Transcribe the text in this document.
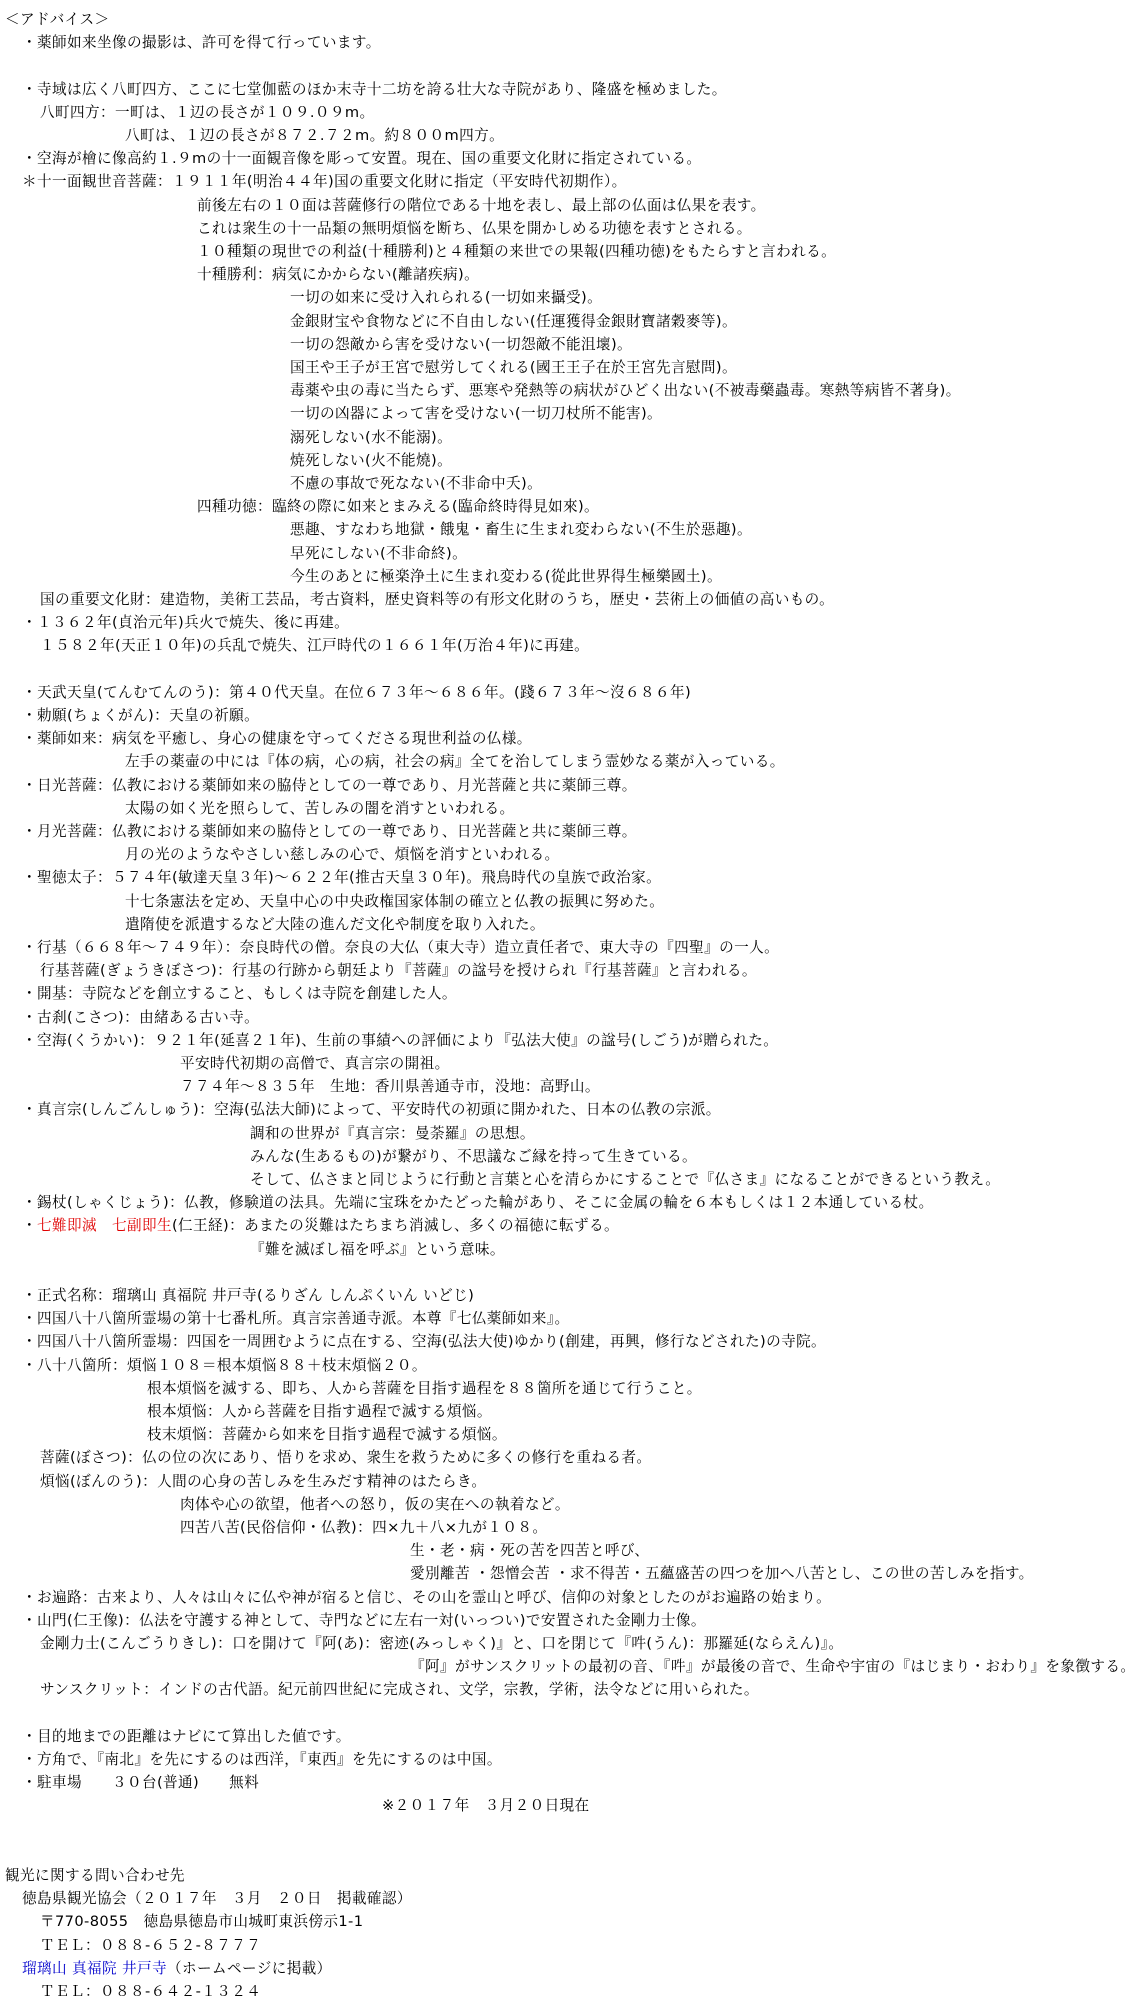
＜アドバイス＞
・薬師如来坐像の撮影は、許可を得て行っています。
・寺域は広く八町四方、ここに七堂伽藍のほか末寺十二坊を誇る壮大な寺院があり、隆盛を極めました。
八町四方：一町は、１辺の長さが１０９.０９m。
八町は、１辺の長さが８７２.７２m。約８００m四方。
・空海が檜に像高約１.９mの十一面観音像を彫って安置。現在、国の重要文化財に指定されている。
＊十一面観世音菩薩：１９１１年(明治４４年)国の重要文化財に指定（平安時代初期作）。
前後左右の１０面は菩薩修行の階位である十地を表し、最上部の仏面は仏果を表す。
これは衆生の十一品類の無明煩悩を断ち、仏果を開かしめる功徳を表すとされる。
１０種類の現世での利益(十種勝利)と４種類の来世での果報(四種功徳)をもたらすと言われる。
十種勝利：病気にかからない(離諸疾病)。
一切の如来に受け入れられる(一切如来攝受)。
金銀財宝や食物などに不自由しない(任運獲得金銀財寶諸穀麥等)。
一切の怨敵から害を受けない(一切怨敵不能沮壞)。
国王や王子が王宮で慰労してくれる(國王王子在於王宮先言慰問)。
毒薬や虫の毒に当たらず、悪寒や発熱等の病状がひどく出ない(不被毒藥蟲毒。寒熱等病皆不著身)。
一切の凶器によって害を受けない(一切刀杖所不能害)。
溺死しない(水不能溺)。
焼死しない(火不能燒)。
不慮の事故で死なない(不非命中夭)。
四種功徳：臨終の際に如来とまみえる(臨命終時得見如來)。
悪趣、すなわち地獄・餓鬼・畜生に生まれ変わらない(不生於惡趣)。
早死にしない(不非命終)。
今生のあとに極楽浄土に生まれ変わる(從此世界得生極樂國土)。
国の重要文化財：建造物，美術工芸品，考古資料，歴史資料等の有形文化財のうち，歴史・芸術上の価値の高いもの。
・１３６２年(貞治元年)兵火で焼失、後に再建。
１５８２年(天正１０年)の兵乱で焼失、江戸時代の１６６１年(万治４年)に再建。
・天武天皇(てんむてんのう)：第４０代天皇。在位６７３年～６８６年。(踐６７３年～沒６８６年)
・勅願(ちょくがん)：天皇の祈願。
・薬師如来：病気を平癒し、身心の健康を守ってくださる現世利益の仏様。
左手の薬壷の中には『体の病，心の病，社会の病』全てを治してしまう霊妙なる薬が入っている。
・日光菩薩：仏教における薬師如来の脇侍としての一尊であり、月光菩薩と共に薬師三尊。
太陽の如く光を照らして、苦しみの闇を消すといわれる。
・月光菩薩：仏教における薬師如来の脇侍としての一尊であり、日光菩薩と共に薬師三尊。
月の光のようなやさしい慈しみの心で、煩悩を消すといわれる。
・聖徳太子：５７４年(敏達天皇３年)～６２２年(推古天皇３０年)。飛鳥時代の皇族で政治家。
十七条憲法を定め、天皇中心の中央政権国家体制の確立と仏教の振興に努めた。
遣隋使を派遣するなど大陸の進んだ文化や制度を取り入れた。
・行基（６６８年～７４９年）：奈良時代の僧。奈良の大仏（東大寺）造立責任者で、東大寺の『四聖』の一人。
行基菩薩(ぎょうきぼさつ)：行基の行跡から朝廷より『菩薩』の諡号を授けられ『行基菩薩』と言われる。
・開基：寺院などを創立すること、もしくは寺院を創建した人。
・古刹(こさつ)：由緒ある古い寺。
・空海(くうかい)：９２１年(延喜２１年)、生前の事績への評価により『弘法大使』の諡号(しごう)が贈られた。
平安時代初期の高僧で、真言宗の開祖。
７７４年～８３５年　生地：香川県善通寺市，没地：高野山。
・真言宗(しんごんしゅう)：空海(弘法大師)によって、平安時代の初頭に開かれた、日本の仏教の宗派。
調和の世界が『真言宗：曼荼羅』の思想。
みんな(生あるもの)が繋がり、不思議なご縁を持って生きている。
そして、仏さまと同じように行動と言葉と心を清らかにすることで『仏さま』になることができるという教え。
・錫杖(しゃくじょう)：仏教，修験道の法具。先端に宝珠をかたどった輪があり、そこに金属の輪を６本もしくは１２本通している杖。
・七難即滅　七副即生(仁王経)：あまたの災難はたちまち消滅し、多くの福徳に転ずる。
『難を滅ぼし福を呼ぶ』という意味。
・正式名称：瑠璃山 真福院 井戸寺(るりざん しんぷくいん いどじ)
・四国八十八箇所霊場の第十七番札所。真言宗善通寺派。本尊『七仏薬師如来』。
・四国八十八箇所霊場：四国を一周囲むように点在する、空海(弘法大使)ゆかり(創建，再興，修行などされた)の寺院。
・八十八箇所：煩悩１０８＝根本煩悩８８＋枝末煩悩２０。
根本煩悩を滅する、即ち、人から菩薩を目指す過程を８８箇所を通じて行うこと。
根本煩悩：人から菩薩を目指す過程で滅する煩悩。
枝末煩悩：菩薩から如来を目指す過程で滅する煩悩。
菩薩(ぼさつ)：仏の位の次にあり、悟りを求め、衆生を救うために多くの修行を重ねる者。
煩悩(ぼんのう)：人間の心身の苦しみを生みだす精神のはたらき。
肉体や心の欲望，他者への怒り，仮の実在への執着など。
四苦八苦(民俗信仰・仏教)：四×九＋八×九が１０８。
生・老・病・死の苦を四苦と呼び、
愛別離苦 ・怨憎会苦 ・求不得苦・五蘊盛苦の四つを加へ八苦とし、この世の苦しみを指す。
・お遍路：古来より、人々は山々に仏や神が宿ると信じ、その山を霊山と呼び、信仰の対象としたのがお遍路の始まり。
・山門(仁王像)：仏法を守護する神として、寺門などに左右一対(いっつい)で安置された金剛力士像。
金剛力士(こんごうりきし)：口を開けて『阿(あ)：密迹(みっしゃく)』と、口を閉じて『吽(うん)：那羅延(ならえん)』。
『阿』がサンスクリットの最初の音、『吽』が最後の音で、生命や宇宙の『はじまり・おわり』を象徴する。
サンスクリット：インドの古代語。紀元前四世紀に完成され、文学，宗教，学術，法令などに用いられた。
・目的地までの距離はナビにて算出した値です。
・方角で、『南北』を先にするのは西洋，『東西』を先にするのは中国。
・駐車場　　３０台(普通)　　無料
※２０１７年　３月２０日現在
観光に関する問い合わせ先
徳島県観光協会（２０１７年　３月　２０日　掲載確認）
〒770-8055　徳島県徳島市山城町東浜傍示1-1
ＴＥＬ：０８８-６５２-８７７７
瑠璃山 真福院 井戸寺（ホームページに掲載）
ＴＥＬ：０８８-６４２-１３２４
